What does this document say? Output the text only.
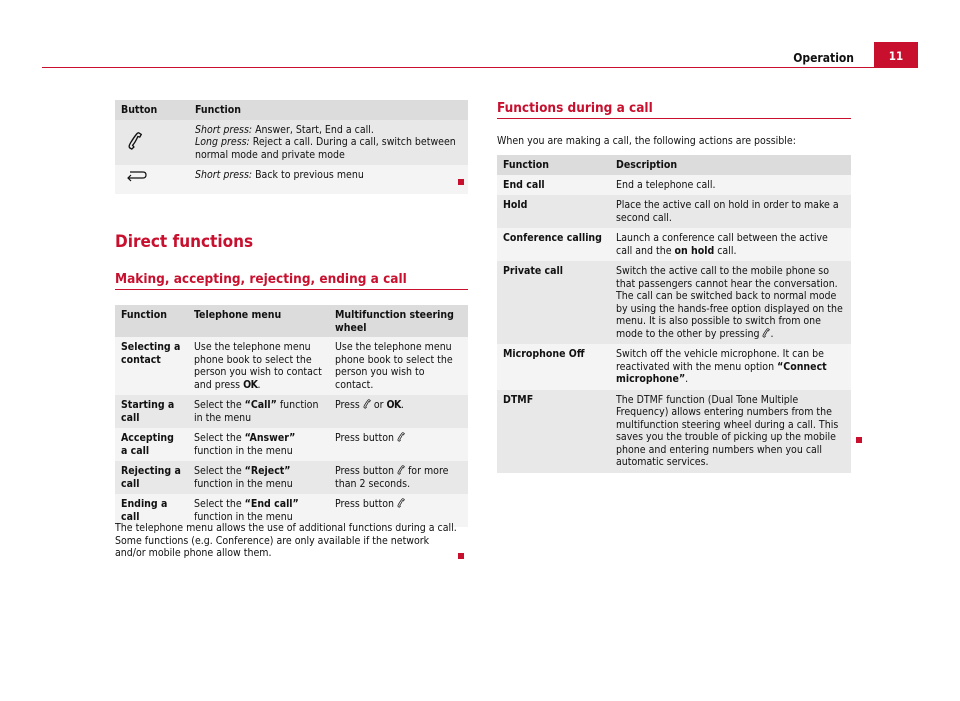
Operation	11
Button	Function
	Short press: Answer, Start, End a call.
Long press: Reject a call. During a call, switch between normal mode and private mode
	Short press: Back to previous menu
Direct functions
Making, accepting, rejecting, ending a call
Function	Telephone menu	Multifunction steering wheel
Selecting a contact	Use the telephone menu phone book to select the person you wish to contact and press OK.	Use the telephone menu phone book to select the person you wish to contact.
Starting a call	Select the “Call” function in the menu	Press  or OK.
Accepting a call	Select the “Answer” function in the menu	Press button
Rejecting a call	Select the “Reject” function in the menu	Press button  for more than 2 seconds.
Ending a call	Select the “End call” function in the menu	Press button
The telephone menu allows the use of additional functions during a call. Some functions (e.g. Conference) are only available if the network and/or mobile phone allow them.
Functions during a call
When you are making a call, the following actions are possible:
Function	Description
End call	End a telephone call.
Hold	Place the active call on hold in order to make a second call.
Conference calling	Launch a conference call between the active call and the on hold call.
Private call	Switch the active call to the mobile phone so that passengers cannot hear the conversation. The call can be switched back to normal mode by using the hands-free option displayed on the menu. It is also possible to switch from one mode to the other by pressing .
Microphone Off	Switch off the vehicle microphone. It can be reactivated with the menu option “Connect microphone”.
DTMF	The DTMF function (Dual Tone Multiple Frequency) allows entering numbers from the multifunction steering wheel during a call. This saves you the trouble of picking up the mobile phone and entering numbers when you call automatic services.
